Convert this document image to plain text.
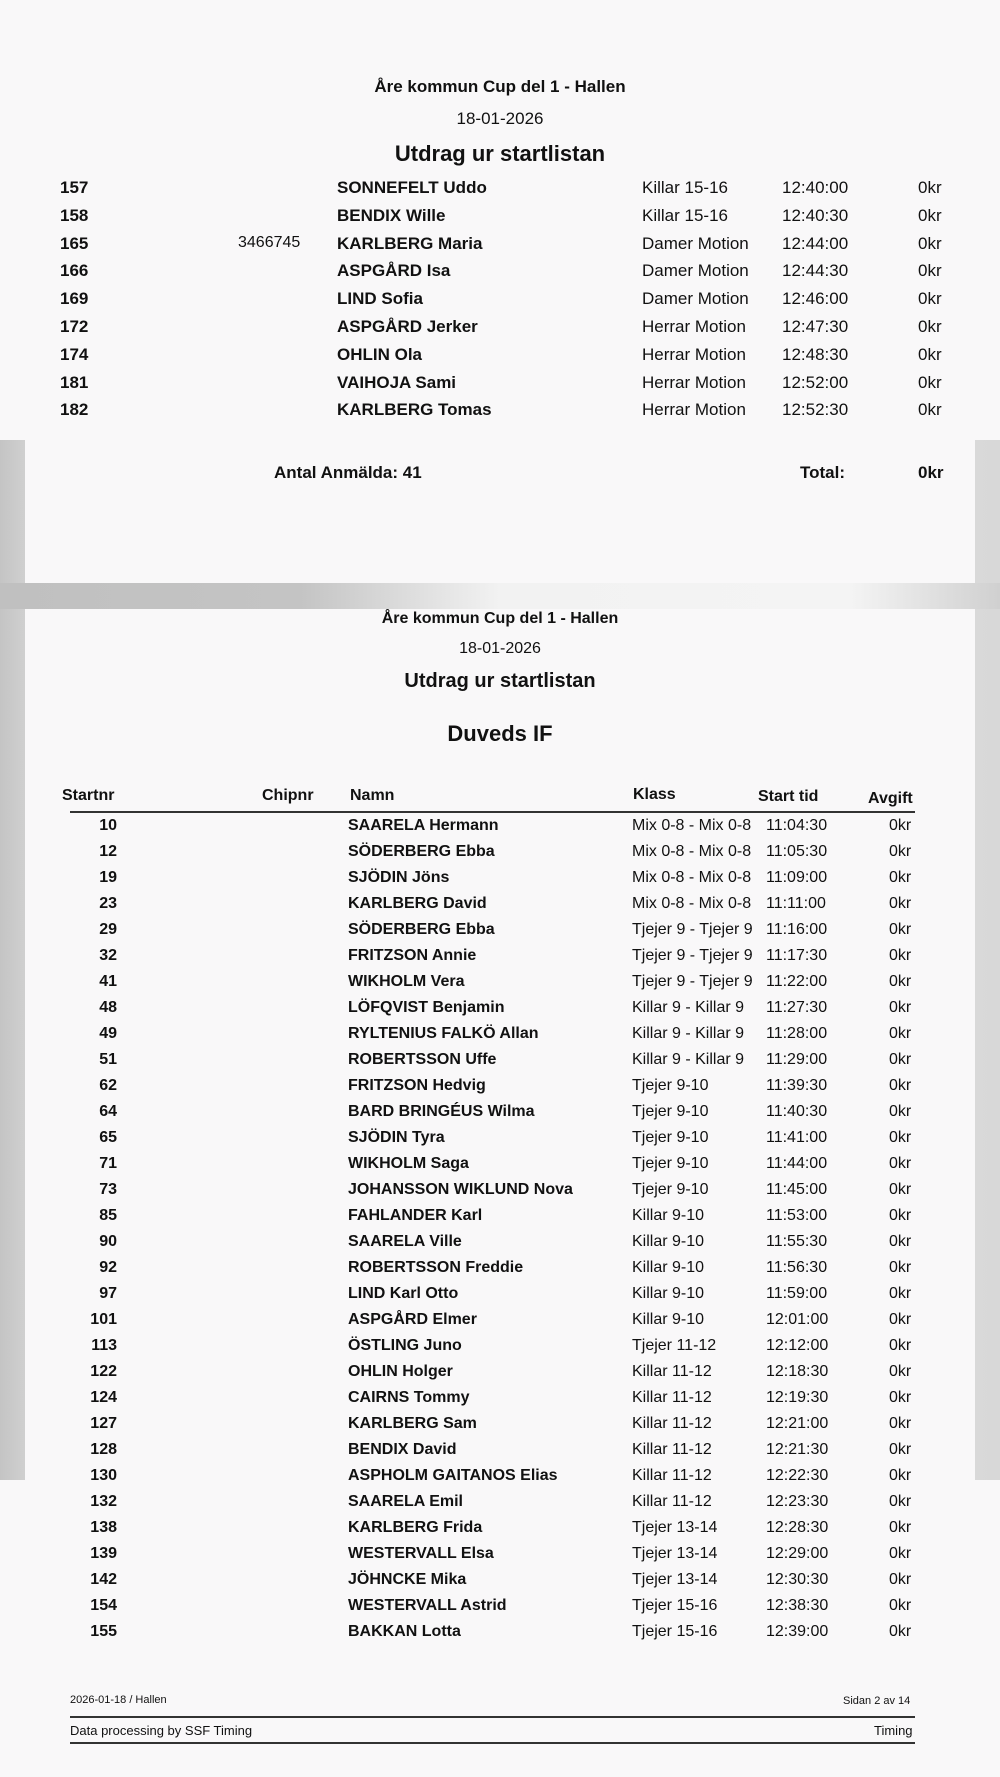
Åre kommun Cup del 1 - Hallen
18-01-2026
Utdrag ur startlistan
157	SONNEFELT Uddo	Killar 15-16	12:40:00	0kr
158	BENDIX Wille	Killar 15-16	12:40:30	0kr
165	3466745 KARLBERG Maria	Damer Motion	12:44:00	0kr
166	ASPGÅRD Isa	Damer Motion	12:44:30	0kr
169	LIND Sofia	Damer Motion	12:46:00	0kr
172	ASPGÅRD Jerker	Herrar Motion	12:47:30	0kr
174	OHLIN Ola	Herrar Motion	12:48:30	0kr
181	VAIHOJA Sami	Herrar Motion	12:52:00	0kr
182	KARLBERG Tomas	Herrar Motion	12:52:30	0kr
Antal Anmälda: 41	Total:	0kr
Åre kommun Cup del 1 - Hallen
18-01-2026
Utdrag ur startlistan
Duveds IF
Startnr	Chipnr Namn	Klass	Start tid	Avgift
10	SAARELA Hermann	Mix 0-8 - Mix 0-8 11:04:30	0kr
12	SÖDERBERG Ebba	Mix 0-8 - Mix 0-8 11:05:30	0kr
19	SJÖDIN Jöns	Mix 0-8 - Mix 0-8 11:09:00	0kr
23	KARLBERG David	Mix 0-8 - Mix 0-8 11:11:00	0kr
29	SÖDERBERG Ebba	Tjejer 9 - Tjejer 9 11:16:00	0kr
32	FRITZSON Annie	Tjejer 9 - Tjejer 9 11:17:30	0kr
41	WIKHOLM Vera	Tjejer 9 - Tjejer 9 11:22:00	0kr
48	LÖFQVIST Benjamin	Killar 9 - Killar 9 11:27:30	0kr
49	RYLTENIUS FALKÖ Allan	Killar 9 - Killar 9 11:28:00	0kr
51	ROBERTSSON Uffe	Killar 9 - Killar 9 11:29:00	0kr
62	FRITZSON Hedvig	Tjejer 9-10	11:39:30	0kr
64	BARD BRINGÉUS Wilma	Tjejer 9-10	11:40:30	0kr
65	SJÖDIN Tyra	Tjejer 9-10	11:41:00	0kr
71	WIKHOLM Saga	Tjejer 9-10	11:44:00	0kr
73	JOHANSSON WIKLUND Nova	Tjejer 9-10	11:45:00	0kr
85	FAHLANDER Karl	Killar 9-10	11:53:00	0kr
90	SAARELA Ville	Killar 9-10	11:55:30	0kr
92	ROBERTSSON Freddie	Killar 9-10	11:56:30	0kr
97	LIND Karl Otto	Killar 9-10	11:59:00	0kr
101	ASPGÅRD Elmer	Killar 9-10	12:01:00	0kr
113	ÖSTLING Juno	Tjejer 11-12	12:12:00	0kr
122	OHLIN Holger	Killar 11-12	12:18:30	0kr
124	CAIRNS Tommy	Killar 11-12	12:19:30	0kr
127	KARLBERG Sam	Killar 11-12	12:21:00	0kr
128	BENDIX David	Killar 11-12	12:21:30	0kr
130	ASPHOLM GAITANOS Elias	Killar 11-12	12:22:30	0kr
132	SAARELA Emil	Killar 11-12	12:23:30	0kr
138	KARLBERG Frida	Tjejer 13-14	12:28:30	0kr
139	WESTERVALL Elsa	Tjejer 13-14	12:29:00	0kr
142	JÖHNCKE Mika	Tjejer 13-14	12:30:30	0kr
154	WESTERVALL Astrid	Tjejer 15-16	12:38:30	0kr
155	BAKKAN Lotta	Tjejer 15-16	12:39:00	0kr
2026-01-18 / Hallen	Sidan 2 av 14
Data processing by SSF Timing	Timing
